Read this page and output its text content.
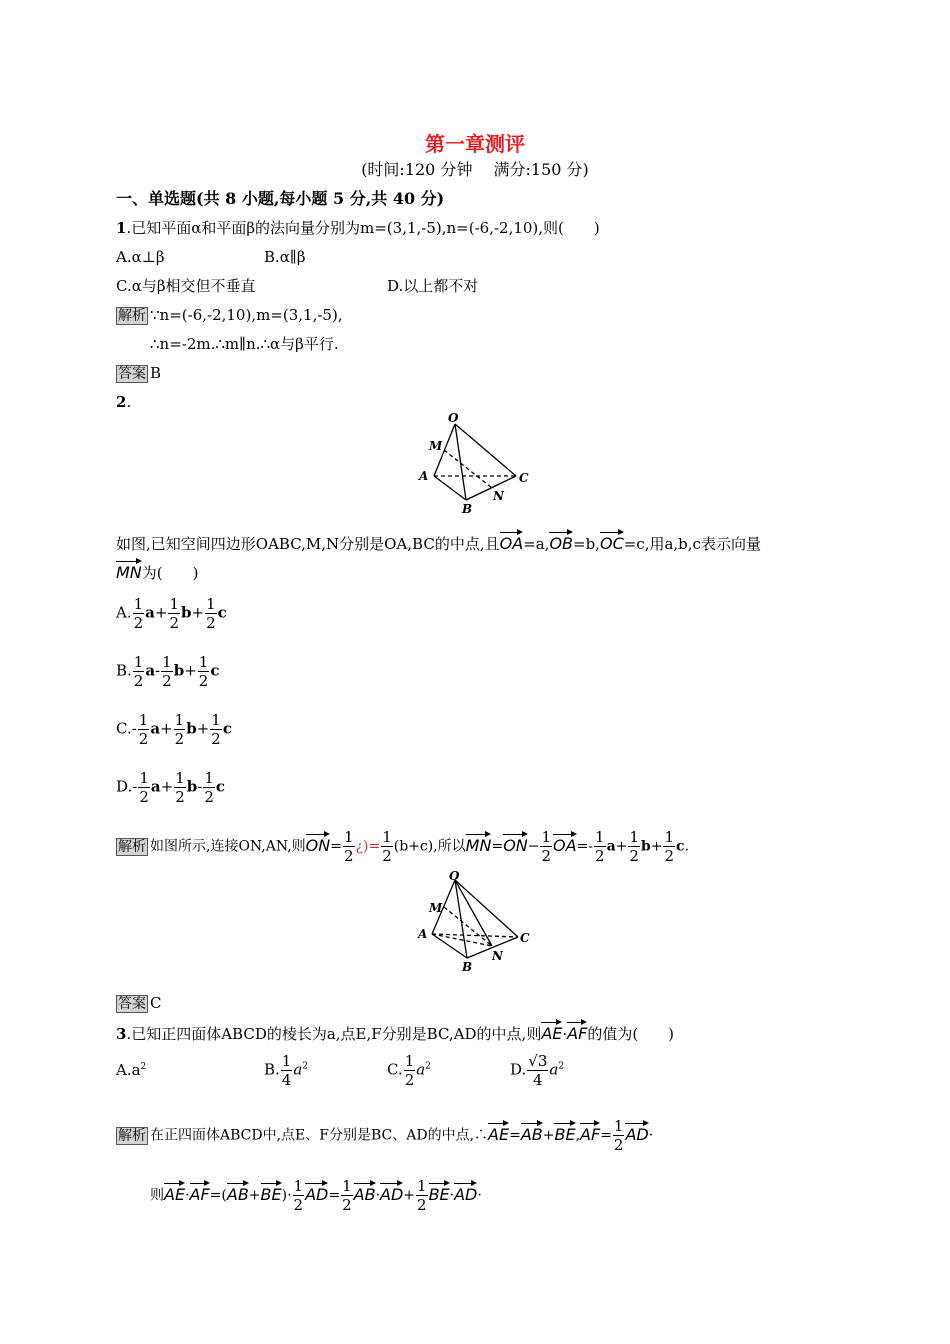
第一章测评
(时间:120 分钟　 满分:150 分)
一、单选题(共 8 小题,每小题 5 分,共 40 分)
1.已知平面α和平面β的法向量分别为m=(3,1,-5),n=(-6,-2,10),则(　　)
A.α⊥β	B.α∥β
C.α与β相交但不垂直	D.以上都不对
解析 ∵n=(-6,-2,10),m=(3,1,-5),
∴n=-2m.∴m∥n.∴α与β平行.
答案 B
2.
O
M
A
B
C
N
如图,已知空间四边形OABC,M,N分别是OA,BC的中点,且OA=a,OB=b,OC=c,用a,b,c表示向量
MN为(　　)
A. $\frac{1}{2} a+ \frac{1}{2} b+ \frac{1}{2}$ c
B. $\frac{1}{2} a- \frac{1}{2} b+ \frac{1}{2}$ c
$C.- \frac{1}{2} a+ \frac{1}{2} b+ \frac{1}{2}$ c
$D.- \frac{1}{2} a+ \frac{1}{2} b- \frac{1}{2}$ c
解析 如图所示,连接ON,AN,则$ON= \frac{1}{2}$ ¿)= $\frac{1}{2} (b+c)$,所以$MN=ON- \frac{1}{2} OA=- \frac{1}{2} a+ \frac{1}{2} b+ \frac{1}{2} c$.
O
M
A
B
C
N
答案 C
3.已知正四面体ABCD的棱长为a,点E,F分别是BC,AD的中点,则AE·AF的值为(　　)
$A.a^2$	B. $\frac{1}{4} a^2$	C. $\frac{1}{2} a^2$	D. $\frac{√3}{4} a^2$
解析 在正四面体ABCD中,点E、F分别是BC、AD的中点,∴AE=AB+BE,AF= $\frac{1}{2} AD\cdot$
则$AE\cdot AF=(AB+BE)\cdot \frac{1}{2} AD= \frac{1}{2} AB\cdot AD+ \frac{1}{2} BE\cdot AD\cdot$
